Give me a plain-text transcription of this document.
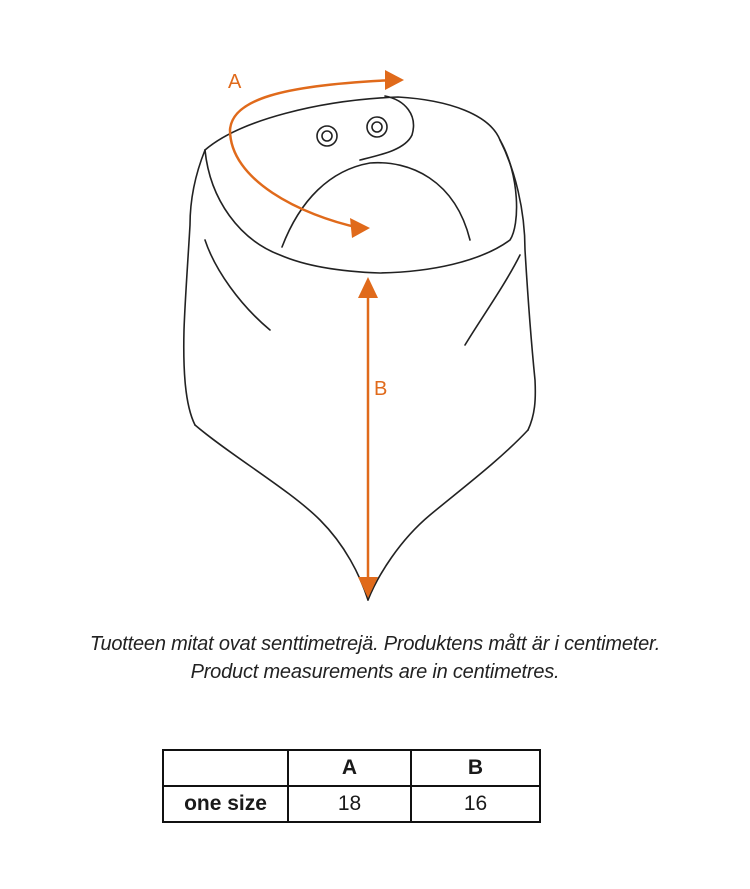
A
B
Tuotteen mitat ovat senttimetrejä. Produktens mått är i centimeter.
Product measurements are in centimetres.
	A	B
one size	18	16
